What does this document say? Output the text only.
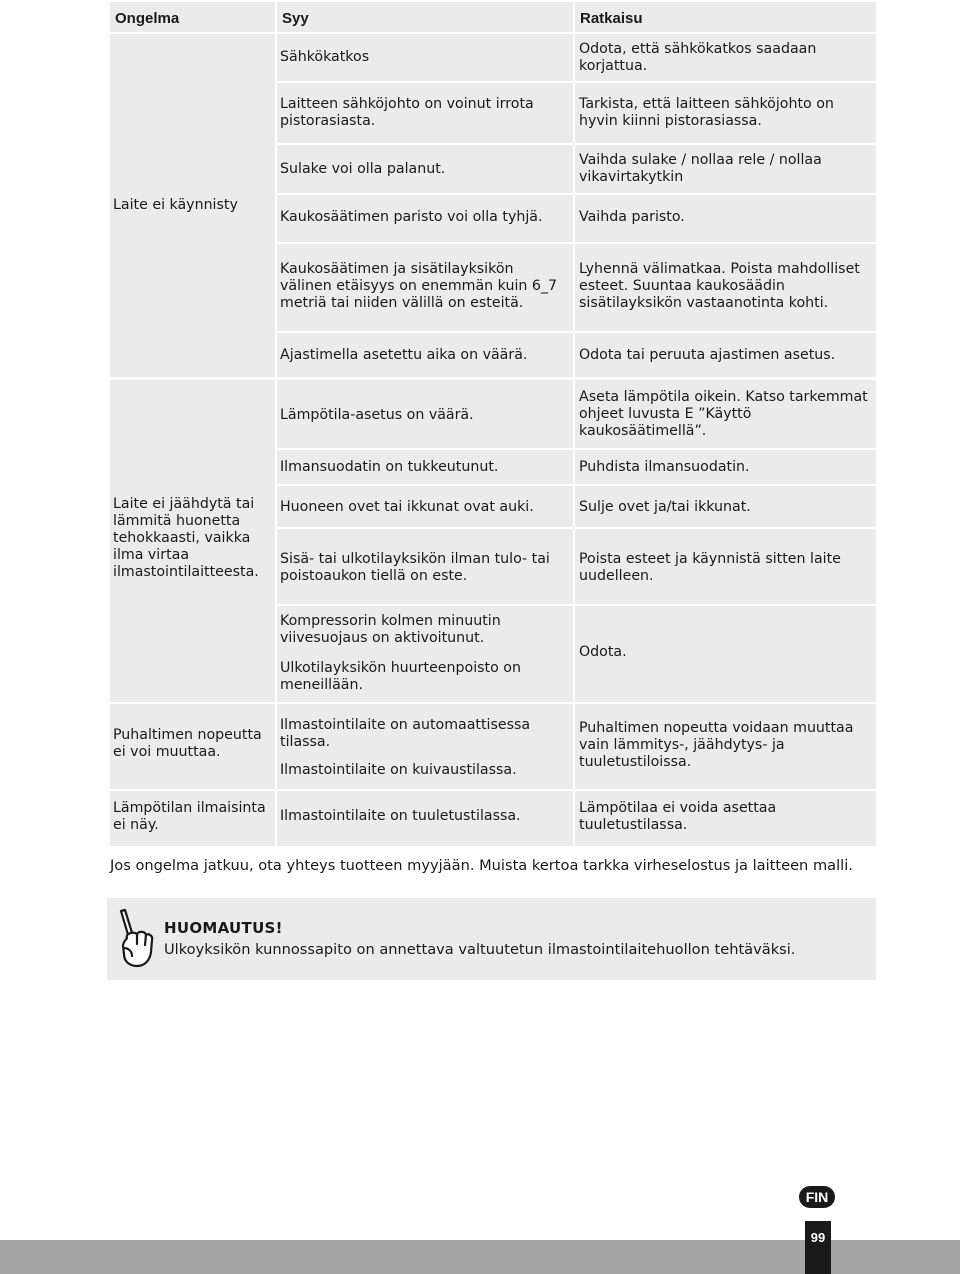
Ongelma	Syy	Ratkaisu
Laite ei käynnisty
Laite ei jäähdytä tai lämmitä huonetta tehokkaasti, vaikka ilma virtaa ilmastointilaitteesta.
Puhaltimen nopeutta ei voi muuttaa.
Lämpötilan ilmaisinta ei näy.
Sähkökatkos
Laitteen sähköjohto on voinut irrota pistorasiasta.
Sulake voi olla palanut.
Kaukosäätimen paristo voi olla tyhjä.
Kaukosäätimen ja sisätilayksikön välinen etäisyys on enemmän kuin 6_7 metriä tai niiden välillä on esteitä.
Ajastimella asetettu aika on väärä.
Lämpötila-asetus on väärä.
Ilmansuodatin on tukkeutunut.
Huoneen ovet tai ikkunat ovat auki.
Sisä- tai ulkotilayksikön ilman tulo- tai poistoaukon tiellä on este.
Kompressorin kolmen minuutin viivesuojaus on aktivoitunut.
Ulkotilayksikön huurteenpoisto on meneillään.
Ilmastointilaite on automaattisessa tilassa.
Ilmastointilaite on kuivaustilassa.
Ilmastointilaite on tuuletustilassa.
Odota, että sähkökatkos saadaan korjattua.
Tarkista, että laitteen sähköjohto on hyvin kiinni pistorasiassa.
Vaihda sulake / nollaa rele / nollaa vikavirtakytkin
Vaihda paristo.
Lyhennä välimatkaa. Poista mahdolliset esteet. Suuntaa kaukosäädin sisätilayksikön vastaanotinta kohti.
Odota tai peruuta ajastimen asetus.
Aseta lämpötila oikein. Katso tarkemmat ohjeet luvusta E ”Käyttö kaukosäätimellä”.
Puhdista ilmansuodatin.
Sulje ovet ja/tai ikkunat.
Poista esteet ja käynnistä sitten laite uudelleen.
Odota.
Puhaltimen nopeutta voidaan muuttaa vain lämmitys-, jäähdytys- ja tuuletustiloissa.
Lämpötilaa ei voida asettaa tuuletustilassa.
Jos ongelma jatkuu, ota yhteys tuotteen myyjään. Muista kertoa tarkka virheselostus ja laitteen malli.
HUOMAUTUS!
Ulkoyksikön kunnossapito on annettava valtuutetun ilmastointilaitehuollon tehtäväksi.
FIN
99
